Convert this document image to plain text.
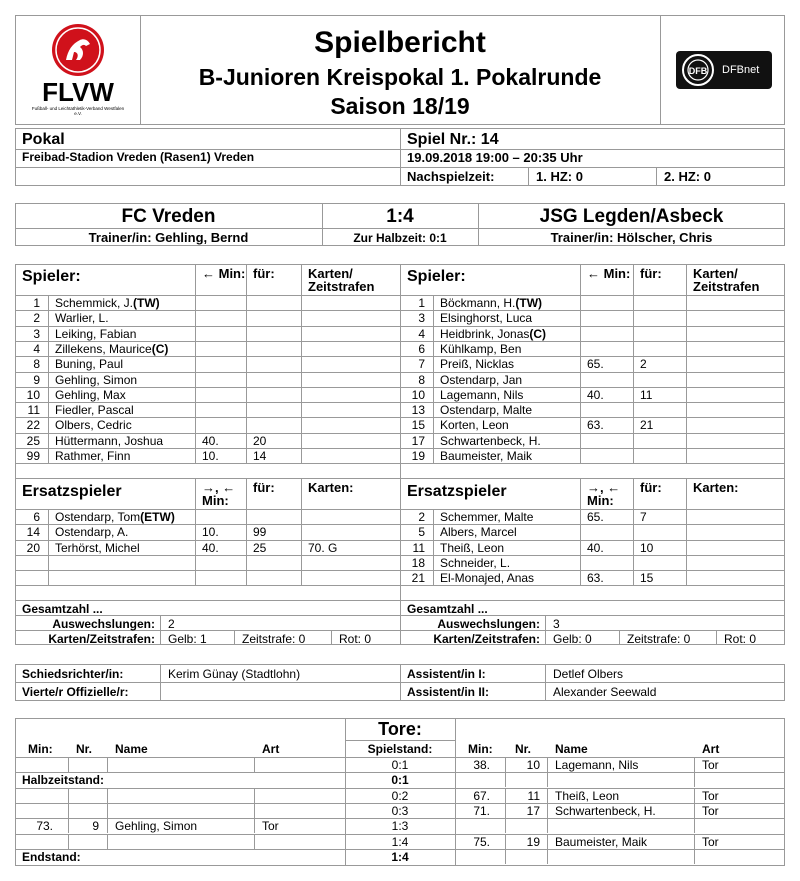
FLVW
Fußball- und Leichtathletik-Verband Westfalen e.V.
Spielbericht
B-Junioren Kreispokal 1. Pokalrunde
Saison 18/19
DFB DFBnet
Pokal
Freibad-Stadion Vreden (Rasen1) Vreden
Spiel Nr.: 14
19.09.2018 19:00 – 20:35 Uhr
Nachspielzeit:	1. HZ: 0	2. HZ: 0
FC Vreden	1:4	JSG Legden/Asbeck
Trainer/in: Gehling, Bernd	Zur Halbzeit: 0:1	Trainer/in: Hölscher, Chris
Spieler:	← Min: für:	Karten/ Zeitstrafen
1 Schemmick, J.(TW)
2 Warlier, L.
3 Leiking, Fabian
4 Zillekens, Maurice(C)
8 Buning, Paul
9 Gehling, Simon
10 Gehling, Max
11 Fiedler, Pascal
22 Olbers, Cedric
25 Hüttermann, Joshua	40.	20
99 Rathmer, Finn	10.	14
Ersatzspieler	→, ← Min:
für:	Karten:
6 Ostendarp, Tom(ETW)
14 Ostendarp, A.	10.	99
20 Terhörst, Michel	40.	25	70. G
Gesamtzahl ...
Auswechslungen: 2
Karten/Zeitstrafen: Gelb: 1	Zeitstrafe: 0	Rot: 0
Spieler:	← Min: für: Karten/ Zeitstrafen
1 Böckmann, H.(TW)
3 Elsinghorst, Luca
4 Heidbrink, Jonas(C)
6 Kühlkamp, Ben
7 Preiß, Nicklas	65.	2
8 Ostendarp, Jan
10 Lagemann, Nils	40.	11
13 Ostendarp, Malte
15 Korten, Leon	63.	21
17 Schwartenbeck, H.
19 Baumeister, Maik
Ersatzspieler	→, ← Min:
für: Karten:
2 Schemmer, Malte	65.	7
5 Albers, Marcel
11 Theiß, Leon	40.	10
18 Schneider, L.
21 El-Monajed, Anas	63.	15
Gesamtzahl ...
Auswechslungen: 3
Karten/Zeitstrafen: Gelb: 0	Zeitstrafe: 0	Rot: 0
Schiedsrichter/in:	Kerim Günay (Stadtlohn)
Vierte/r Offizielle/r:
Assistent/in I:	Detlef Olbers
Assistent/in II:	Alexander Seewald
Tore:
Min: Nr. Name	Art	Spielstand:	Min: Nr. Name	Art
0:1	38.	10 Lagemann, Nils	Tor
Halbzeitstand:	0:1
0:2	67.	11 Theiß, Leon	Tor
0:3	71.	17 Schwartenbeck, H.	Tor
73.	9 Gehling, Simon	Tor	1:3
1:4	75.	19 Baumeister, Maik	Tor
Endstand:	1:4
